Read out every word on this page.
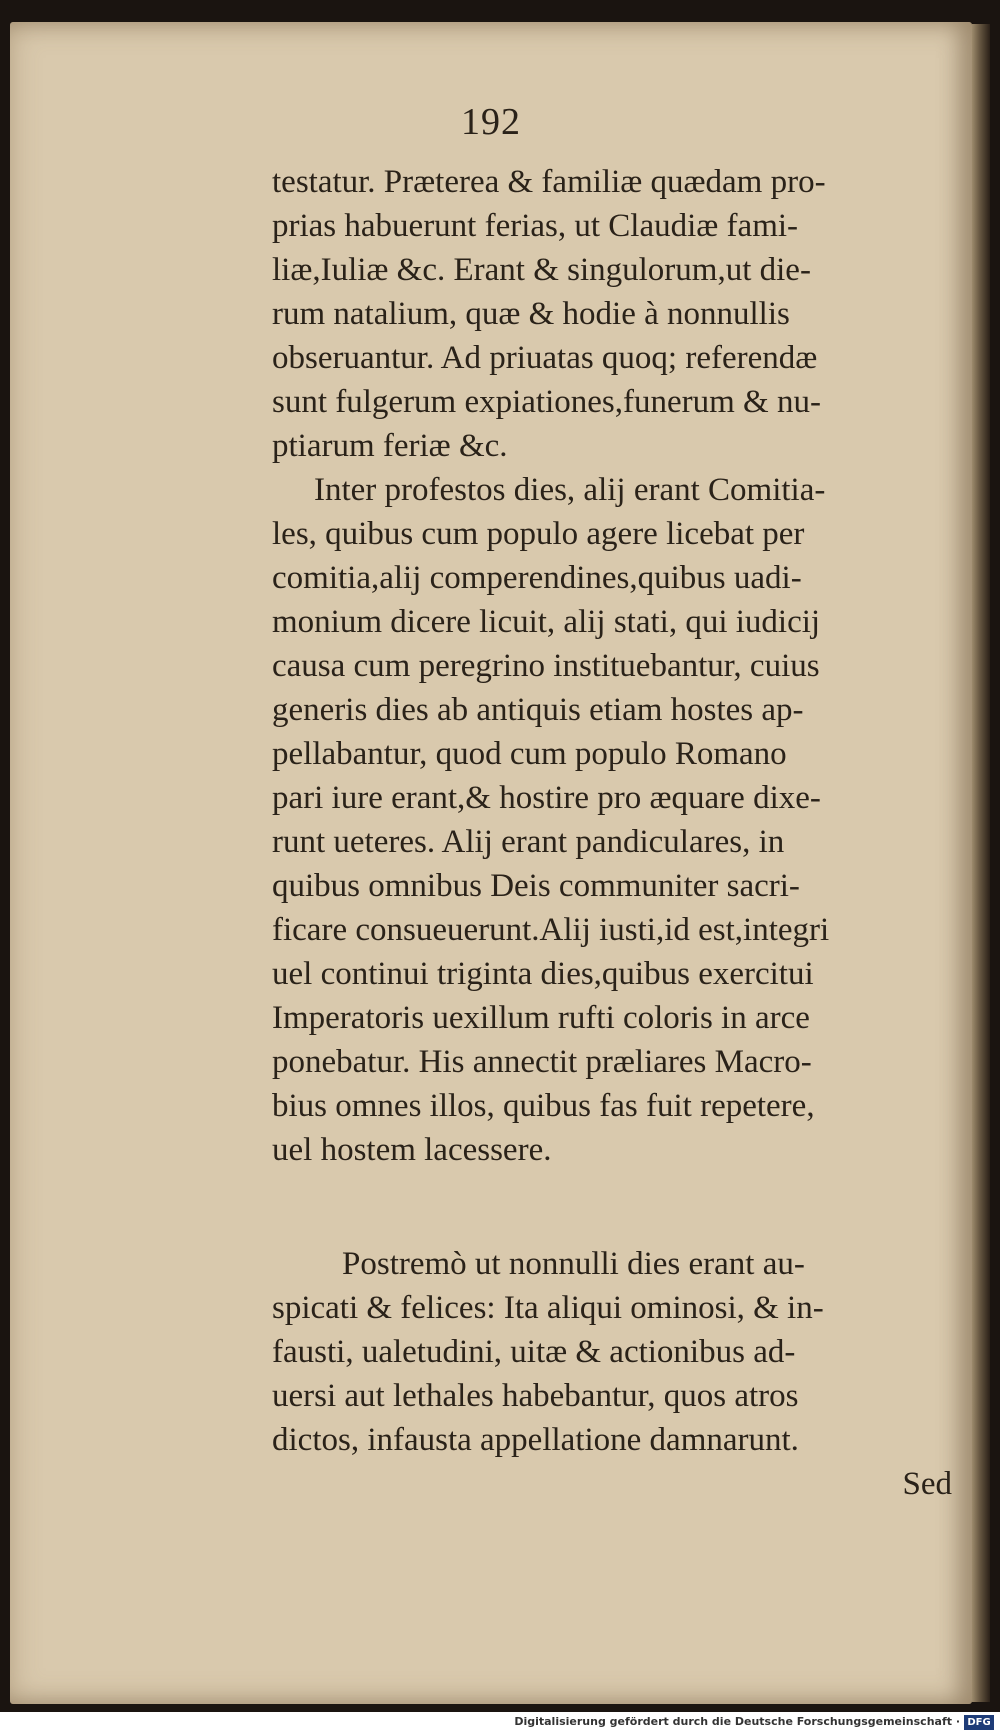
192
testatur. Præterea & familiæ quædam pro-
prias habuerunt ferias, ut Claudiæ fami-
liæ,Iuliæ &c. Erant & singulorum,ut die-
rum natalium, quæ & hodie à nonnullis
obseruantur. Ad priuatas quoq; referendæ
sunt fulgerum expiationes,funerum & nu-
ptiarum feriæ &c.
Inter profestos dies, alij erant Comitia-
les, quibus cum populo agere licebat per
comitia,alij comperendines,quibus uadi-
monium dicere licuit, alij stati, qui iudicij
causa cum peregrino instituebantur, cuius
generis dies ab antiquis etiam hostes ap-
pellabantur, quod cum populo Romano
pari iure erant,& hostire pro æquare dixe-
runt ueteres. Alij erant pandiculares, in
quibus omnibus Deis communiter sacri-
ficare consueuerunt.Alij iusti,id est,integri
uel continui triginta dies,quibus exercitui
Imperatoris uexillum rufti coloris in arce
ponebatur. His annectit præliares Macro-
bius omnes illos, quibus fas fuit repetere,
uel hostem lacessere.
Postremò ut nonnulli dies erant au-
spicati & felices: Ita aliqui ominosi, & in-
fausti, ualetudini, uitæ & actionibus ad-
uersi aut lethales habebantur, quos atros
dictos, infausta appellatione damnarunt.
Sed
Digitalisierung gefördert durch die Deutsche Forschungsgemeinschaft · DFG
